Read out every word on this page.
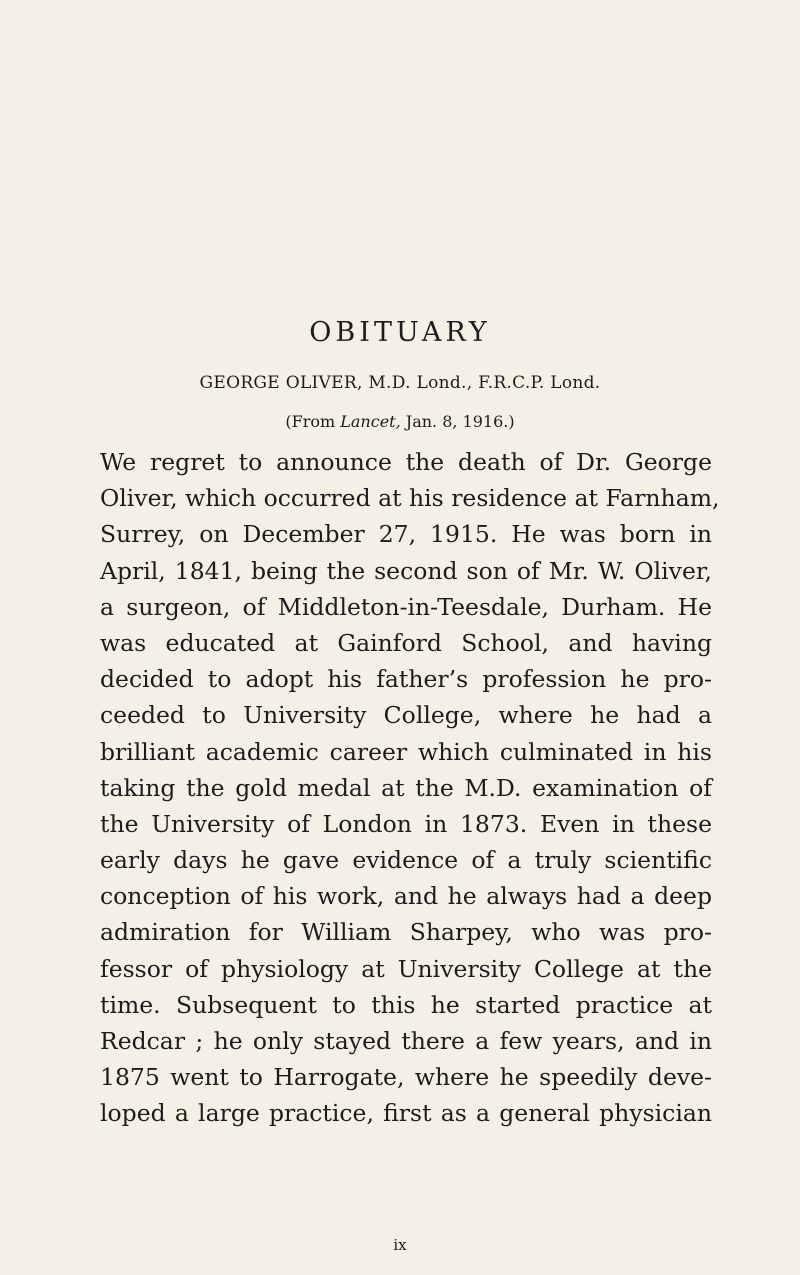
OBITUARY
GEORGE OLIVER, M.D. Lond., F.R.C.P. Lond.
(From Lancet, Jan. 8, 1916.)
We regret to announce the death of Dr. George
Oliver, which occurred at his residence at Farnham,
Surrey, on December 27, 1915. He was born in
April, 1841, being the second son of Mr. W. Oliver,
a surgeon, of Middleton-in-Teesdale, Durham. He
was educated at Gainford School, and having
decided to adopt his father’s profession he pro-
ceeded to University College, where he had a
brilliant academic career which culminated in his
taking the gold medal at the M.D. examination of
the University of London in 1873. Even in these
early days he gave evidence of a truly scientific
conception of his work, and he always had a deep
admiration for William Sharpey, who was pro-
fessor of physiology at University College at the
time. Subsequent to this he started practice at
Redcar ; he only stayed there a few years, and in
1875 went to Harrogate, where he speedily deve-
loped a large practice, first as a general physician
ix
